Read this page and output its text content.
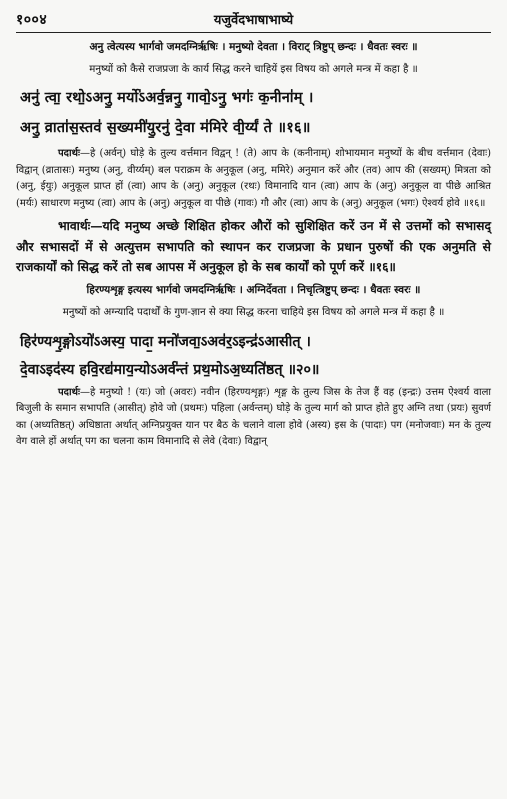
१००४	यजुर्वेदभाषाभाष्ये

अनु त्वेत्यस्य भार्गवो जमदग्निर्ऋषिः । मनुष्यो देवता । विराट् त्रिष्टुप् छन्दः । धैवतः स्वरः ॥

मनुष्यों को कैसे राजप्रजा के कार्य सिद्ध करने चाहियें इस विषय को अगले मन्त्र में कहा है ॥

अनु॑ त्वा॒ रथो॒ऽअनु॒ मर्यो॑ऽअर्व॒न्ननु॒ गावो॒ऽनु॒ भगः॑ क॒नीना॑म् ।
अनु॒ व्राता॑स॒स्तव॑ स॒ख्यमी॑यु॒रनु॑ दे॒वा म॑मिरे वी॒र्य्यं ते ॥१६॥

पदार्थः—हे (अर्वन्) घोड़े के तुल्य वर्त्तमान विद्वन् ! (ते) आप के (कनीनाम्) शोभायमान मनुष्यों के बीच वर्त्तमान (देवाः) विद्वान् (व्रातासः) मनुष्य (अनु, वीर्य्यम्) बल पराक्रम के अनुकूल (अनु, ममिरे) अनुमान करें और (तव) आप की (सख्यम्) मित्रता को (अनु, ईयुः) अनुकूल प्राप्त हों (त्वा) आप के (अनु) अनुकूल (रथः) विमानादि यान (त्वा) आप के (अनु) अनुकूल वा पीछे आश्रित (मर्यः) साधारण मनुष्य (त्वा) आप के (अनु) अनुकूल वा पीछे (गावः) गौ और (त्वा) आप के (अनु) अनुकूल (भगः) ऐश्वर्य होवे ॥१६॥

भावार्थः—यदि मनुष्य अच्छे शिक्षित होकर औरों को सुशिक्षित करें उन में से उत्तमों को सभासद् और सभासदों में से अत्युत्तम सभापति को स्थापन कर राजप्रजा के प्रधान पुरुषों की एक अनुमति से राजकार्यों को सिद्ध करें तो सब आपस में अनुकूल हो के सब कार्यों को पूर्ण करें ॥१६॥

हिरण्यशृङ्ग इत्यस्य भार्गवो जमदग्निर्ऋषिः । अग्निर्देवता । निचृत्त्रिष्टुप् छन्दः । धैवतः स्वरः ॥

मनुष्यों को अग्न्यादि पदार्थों के गुण-ज्ञान से क्या सिद्ध करना चाहिये इस विषय को अगले मन्त्र में कहा है ॥

हिर॑ण्यशृ॒ङ्गोऽयो॑ऽअस्य॒ पादा॒ मनो॑जवा॒ऽअव॑र॒ऽइन्द्र॑ऽआसीत् ।
दे॒वाऽइद॑स्य हवि॒रद्य॑माय॒न्योऽअर्व॑न्तं प्रथ॒मोऽअ॒ध्यति॑ष्ठत् ॥२०॥

पदार्थः—हे मनुष्यो ! (यः) जो (अवरः) नवीन (हिरण्यशृङ्गः) शृङ्ग के तुल्य जिस के तेज हैं वह (इन्द्रः) उत्तम ऐश्वर्य वाला बिजुली के समान सभापति (आसीत्) होवे जो (प्रथमः) पहिला (अर्वन्तम्) घोड़े के तुल्य मार्ग को प्राप्त होते हुए अग्नि तथा (प्रयः) सुवर्ण का (अध्यतिष्ठत्) अधिष्ठाता अर्थात् अग्निप्रयुक्त यान पर बैठ के चलाने वाला होवे (अस्य) इस के (पादाः) पग (मनोजवाः) मन के तुल्य वेग वाले हों अर्थात् पग का चलना काम विमानादि से लेवे (देवाः) विद्वान्
